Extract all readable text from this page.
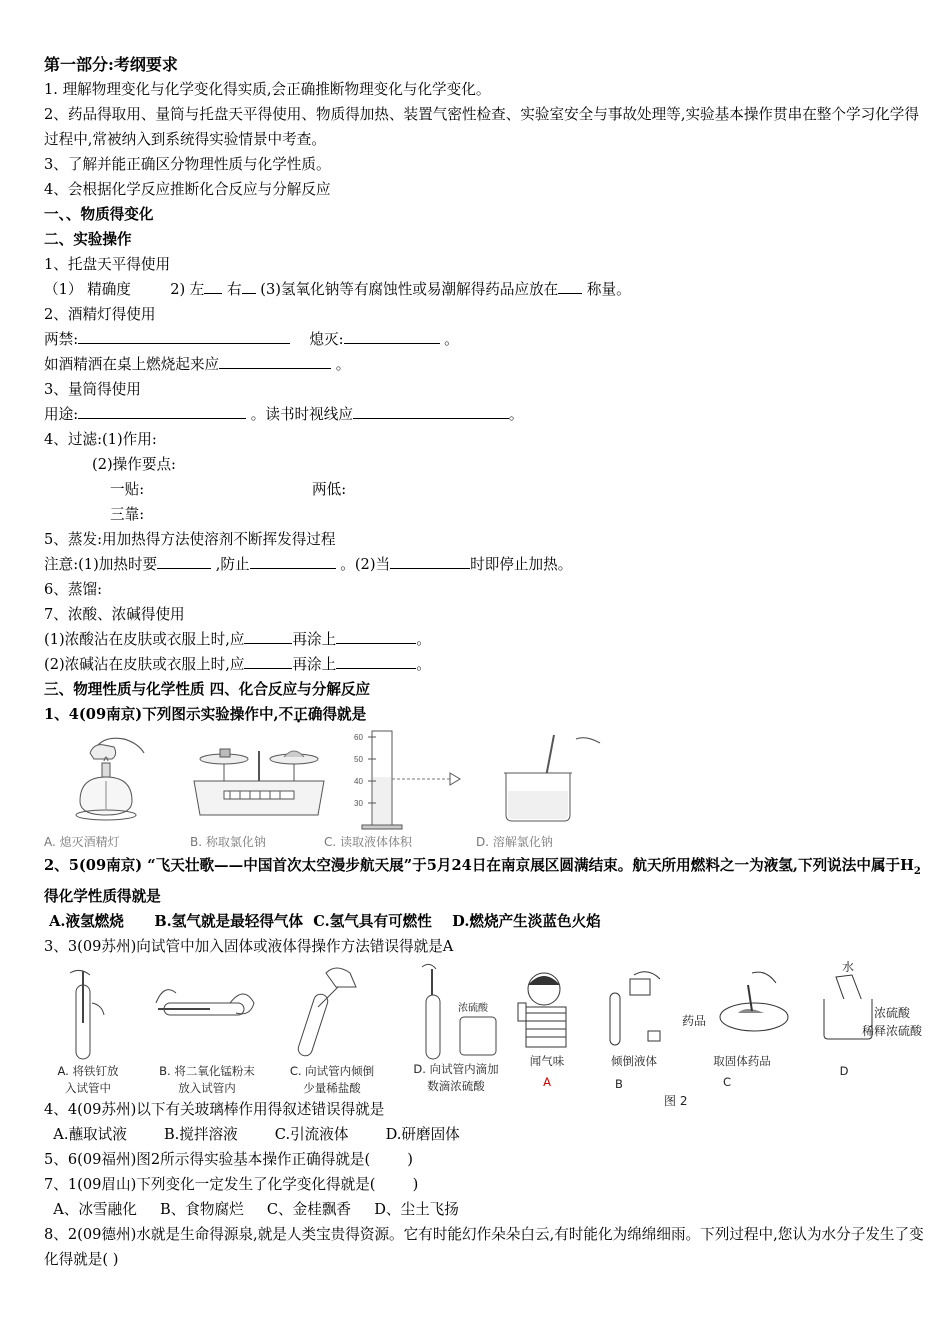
第一部分:考纲要求
1. 理解物理变化与化学变化得实质,会正确推断物理变化与化学变化。
2、药品得取用、量筒与托盘天平得使用、物质得加热、装置气密性检查、实验室安全与事故处理等,实验基本操作贯串在整个学习化学得过程中,常被纳入到系统得实验情景中考查。
3、了解并能正确区分物理性质与化学性质。
4、会根据化学反应推断化合反应与分解反应
一、、物质得变化
二、实验操作
1、托盘天平得使用
（1） 精确度	2) 左 右 (3)氢氧化钠等有腐蚀性或易潮解得药品应放在 称量。
2、酒精灯得使用
两禁:	熄灭:	。
如酒精洒在桌上燃烧起来应	。
3、量筒得使用
用途:	。读书时视线应	。
4、过滤:(1)作用:
(2)操作要点:
一贴:	两低:
三靠:
5、蒸发:用加热得方法使溶剂不断挥发得过程
注意:(1)加热时要	,防止	。(2)当	时即停止加热。
6、蒸馏:
7、浓酸、浓碱得使用
(1)浓酸沾在皮肤或衣服上时,应	再涂上	。
(2)浓碱沾在皮肤或衣服上时,应	再涂上	。
三、物理性质与化学性质 四、化合反应与分解反应
1、4(09南京)下列图示实验操作中,不正确得就是
A. 熄灭酒精灯	B. 称取氯化钠
60
50
40
30
C. 读取液体体积	D. 溶解氯化钠
2、5(09南京) “飞天壮歌——中国首次太空漫步航天展”于5月24日在南京展区圆满结束。航天所用燃料之一为液氢,下列说法中属于$H_2$得化学性质得就是
A.液氢燃烧      B.氢气就是最轻得气体  C.氢气具有可燃性    D.燃烧产生淡蓝色火焰
3、3(09苏州)向试管中加入固体或液体得操作方法错误得就是A
A. 将铁钉放
入试管中
B. 将二氧化锰粉末
放入试管内
C. 向试管内倾倒
少量稀盐酸
浓硫酸
D. 向试管内滴加
数滴浓硫酸
闻气味
A
倾倒液体
B
药品
取固体药品
C
水
浓硫酸
稀释浓硫酸
D
图 2
4、4(09苏州)以下有关玻璃棒作用得叙述错误得就是
A.蘸取试液        B.搅拌溶液        C.引流液体        D.研磨固体
5、6(09福州)图2所示得实验基本操作正确得就是(        )
7、1(09眉山)下列变化一定发生了化学变化得就是(        )
A、冰雪融化     B、食物腐烂     C、金桂飘香     D、尘土飞扬
8、2(09德州)水就是生命得源泉,就是人类宝贵得资源。它有时能幻作朵朵白云,有时能化为绵绵细雨。下列过程中,您认为水分子发生了变化得就是( )
